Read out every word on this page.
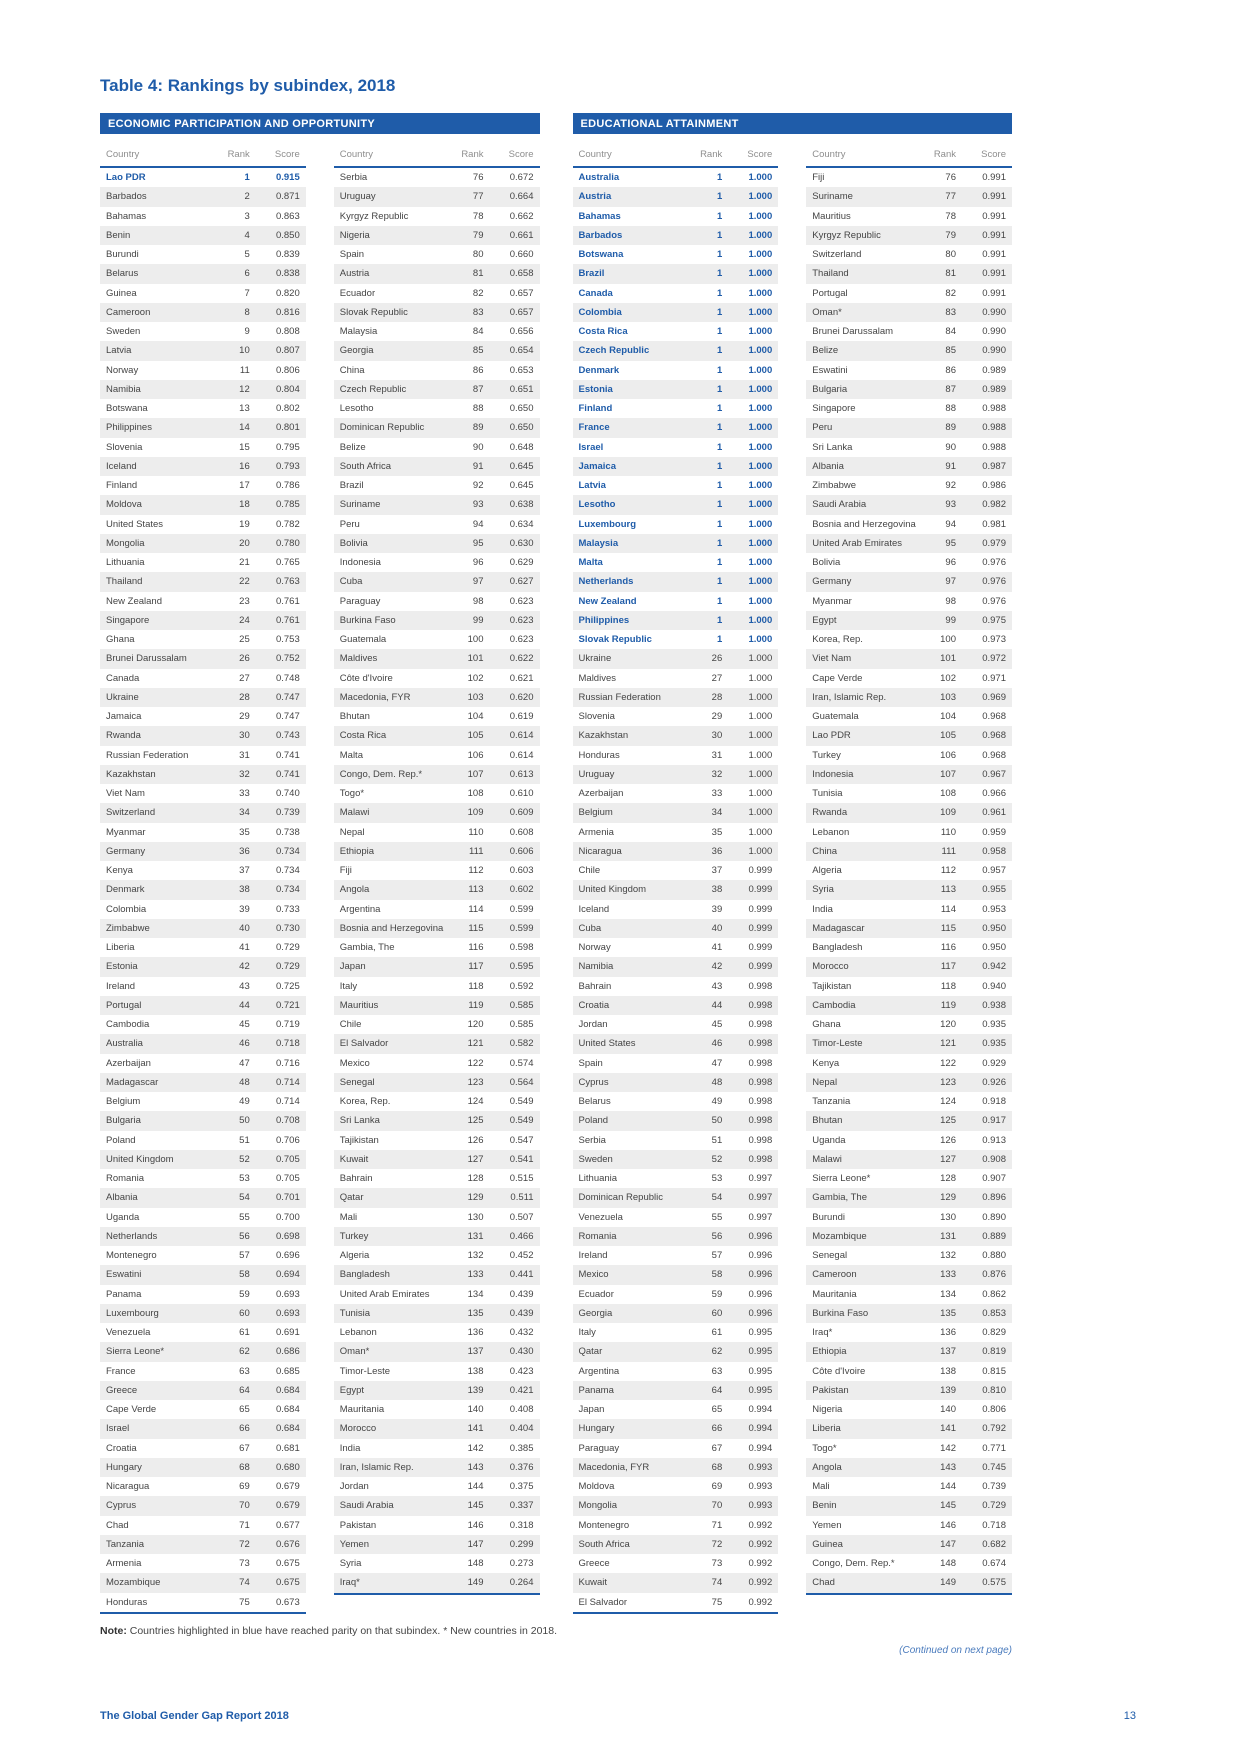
Table 4: Rankings by subindex, 2018
ECONOMIC PARTICIPATION AND OPPORTUNITY
Country	Rank	Score
Lao PDR	1	0.915
Barbados	2	0.871
Bahamas	3	0.863
Benin	4	0.850
Burundi	5	0.839
Belarus	6	0.838
Guinea	7	0.820
Cameroon	8	0.816
Sweden	9	0.808
Latvia	10	0.807
Norway	11	0.806
Namibia	12	0.804
Botswana	13	0.802
Philippines	14	0.801
Slovenia	15	0.795
Iceland	16	0.793
Finland	17	0.786
Moldova	18	0.785
United States	19	0.782
Mongolia	20	0.780
Lithuania	21	0.765
Thailand	22	0.763
New Zealand	23	0.761
Singapore	24	0.761
Ghana	25	0.753
Brunei Darussalam	26	0.752
Canada	27	0.748
Ukraine	28	0.747
Jamaica	29	0.747
Rwanda	30	0.743
Russian Federation	31	0.741
Kazakhstan	32	0.741
Viet Nam	33	0.740
Switzerland	34	0.739
Myanmar	35	0.738
Germany	36	0.734
Kenya	37	0.734
Denmark	38	0.734
Colombia	39	0.733
Zimbabwe	40	0.730
Liberia	41	0.729
Estonia	42	0.729
Ireland	43	0.725
Portugal	44	0.721
Cambodia	45	0.719
Australia	46	0.718
Azerbaijan	47	0.716
Madagascar	48	0.714
Belgium	49	0.714
Bulgaria	50	0.708
Poland	51	0.706
United Kingdom	52	0.705
Romania	53	0.705
Albania	54	0.701
Uganda	55	0.700
Netherlands	56	0.698
Montenegro	57	0.696
Eswatini	58	0.694
Panama	59	0.693
Luxembourg	60	0.693
Venezuela	61	0.691
Sierra Leone*	62	0.686
France	63	0.685
Greece	64	0.684
Cape Verde	65	0.684
Israel	66	0.684
Croatia	67	0.681
Hungary	68	0.680
Nicaragua	69	0.679
Cyprus	70	0.679
Chad	71	0.677
Tanzania	72	0.676
Armenia	73	0.675
Mozambique	74	0.675
Honduras	75	0.673
Country	Rank	Score
Serbia	76	0.672
Uruguay	77	0.664
Kyrgyz Republic	78	0.662
Nigeria	79	0.661
Spain	80	0.660
Austria	81	0.658
Ecuador	82	0.657
Slovak Republic	83	0.657
Malaysia	84	0.656
Georgia	85	0.654
China	86	0.653
Czech Republic	87	0.651
Lesotho	88	0.650
Dominican Republic	89	0.650
Belize	90	0.648
South Africa	91	0.645
Brazil	92	0.645
Suriname	93	0.638
Peru	94	0.634
Bolivia	95	0.630
Indonesia	96	0.629
Cuba	97	0.627
Paraguay	98	0.623
Burkina Faso	99	0.623
Guatemala	100	0.623
Maldives	101	0.622
Côte d'Ivoire	102	0.621
Macedonia, FYR	103	0.620
Bhutan	104	0.619
Costa Rica	105	0.614
Malta	106	0.614
Congo, Dem. Rep.*	107	0.613
Togo*	108	0.610
Malawi	109	0.609
Nepal	110	0.608
Ethiopia	111	0.606
Fiji	112	0.603
Angola	113	0.602
Argentina	114	0.599
Bosnia and Herzegovina	115	0.599
Gambia, The	116	0.598
Japan	117	0.595
Italy	118	0.592
Mauritius	119	0.585
Chile	120	0.585
El Salvador	121	0.582
Mexico	122	0.574
Senegal	123	0.564
Korea, Rep.	124	0.549
Sri Lanka	125	0.549
Tajikistan	126	0.547
Kuwait	127	0.541
Bahrain	128	0.515
Qatar	129	0.511
Mali	130	0.507
Turkey	131	0.466
Algeria	132	0.452
Bangladesh	133	0.441
United Arab Emirates	134	0.439
Tunisia	135	0.439
Lebanon	136	0.432
Oman*	137	0.430
Timor-Leste	138	0.423
Egypt	139	0.421
Mauritania	140	0.408
Morocco	141	0.404
India	142	0.385
Iran, Islamic Rep.	143	0.376
Jordan	144	0.375
Saudi Arabia	145	0.337
Pakistan	146	0.318
Yemen	147	0.299
Syria	148	0.273
Iraq*	149	0.264
EDUCATIONAL ATTAINMENT
Country	Rank	Score
Australia	1	1.000
Austria	1	1.000
Bahamas	1	1.000
Barbados	1	1.000
Botswana	1	1.000
Brazil	1	1.000
Canada	1	1.000
Colombia	1	1.000
Costa Rica	1	1.000
Czech Republic	1	1.000
Denmark	1	1.000
Estonia	1	1.000
Finland	1	1.000
France	1	1.000
Israel	1	1.000
Jamaica	1	1.000
Latvia	1	1.000
Lesotho	1	1.000
Luxembourg	1	1.000
Malaysia	1	1.000
Malta	1	1.000
Netherlands	1	1.000
New Zealand	1	1.000
Philippines	1	1.000
Slovak Republic	1	1.000
Ukraine	26	1.000
Maldives	27	1.000
Russian Federation	28	1.000
Slovenia	29	1.000
Kazakhstan	30	1.000
Honduras	31	1.000
Uruguay	32	1.000
Azerbaijan	33	1.000
Belgium	34	1.000
Armenia	35	1.000
Nicaragua	36	1.000
Chile	37	0.999
United Kingdom	38	0.999
Iceland	39	0.999
Cuba	40	0.999
Norway	41	0.999
Namibia	42	0.999
Bahrain	43	0.998
Croatia	44	0.998
Jordan	45	0.998
United States	46	0.998
Spain	47	0.998
Cyprus	48	0.998
Belarus	49	0.998
Poland	50	0.998
Serbia	51	0.998
Sweden	52	0.998
Lithuania	53	0.997
Dominican Republic	54	0.997
Venezuela	55	0.997
Romania	56	0.996
Ireland	57	0.996
Mexico	58	0.996
Ecuador	59	0.996
Georgia	60	0.996
Italy	61	0.995
Qatar	62	0.995
Argentina	63	0.995
Panama	64	0.995
Japan	65	0.994
Hungary	66	0.994
Paraguay	67	0.994
Macedonia, FYR	68	0.993
Moldova	69	0.993
Mongolia	70	0.993
Montenegro	71	0.992
South Africa	72	0.992
Greece	73	0.992
Kuwait	74	0.992
El Salvador	75	0.992
Country	Rank	Score
Fiji	76	0.991
Suriname	77	0.991
Mauritius	78	0.991
Kyrgyz Republic	79	0.991
Switzerland	80	0.991
Thailand	81	0.991
Portugal	82	0.991
Oman*	83	0.990
Brunei Darussalam	84	0.990
Belize	85	0.990
Eswatini	86	0.989
Bulgaria	87	0.989
Singapore	88	0.988
Peru	89	0.988
Sri Lanka	90	0.988
Albania	91	0.987
Zimbabwe	92	0.986
Saudi Arabia	93	0.982
Bosnia and Herzegovina	94	0.981
United Arab Emirates	95	0.979
Bolivia	96	0.976
Germany	97	0.976
Myanmar	98	0.976
Egypt	99	0.975
Korea, Rep.	100	0.973
Viet Nam	101	0.972
Cape Verde	102	0.971
Iran, Islamic Rep.	103	0.969
Guatemala	104	0.968
Lao PDR	105	0.968
Turkey	106	0.968
Indonesia	107	0.967
Tunisia	108	0.966
Rwanda	109	0.961
Lebanon	110	0.959
China	111	0.958
Algeria	112	0.957
Syria	113	0.955
India	114	0.953
Madagascar	115	0.950
Bangladesh	116	0.950
Morocco	117	0.942
Tajikistan	118	0.940
Cambodia	119	0.938
Ghana	120	0.935
Timor-Leste	121	0.935
Kenya	122	0.929
Nepal	123	0.926
Tanzania	124	0.918
Bhutan	125	0.917
Uganda	126	0.913
Malawi	127	0.908
Sierra Leone*	128	0.907
Gambia, The	129	0.896
Burundi	130	0.890
Mozambique	131	0.889
Senegal	132	0.880
Cameroon	133	0.876
Mauritania	134	0.862
Burkina Faso	135	0.853
Iraq*	136	0.829
Ethiopia	137	0.819
Côte d'Ivoire	138	0.815
Pakistan	139	0.810
Nigeria	140	0.806
Liberia	141	0.792
Togo*	142	0.771
Angola	143	0.745
Mali	144	0.739
Benin	145	0.729
Yemen	146	0.718
Guinea	147	0.682
Congo, Dem. Rep.*	148	0.674
Chad	149	0.575
Note: Countries highlighted in blue have reached parity on that subindex. * New countries in 2018.
(Continued on next page)
The Global Gender Gap Report 2018	13
